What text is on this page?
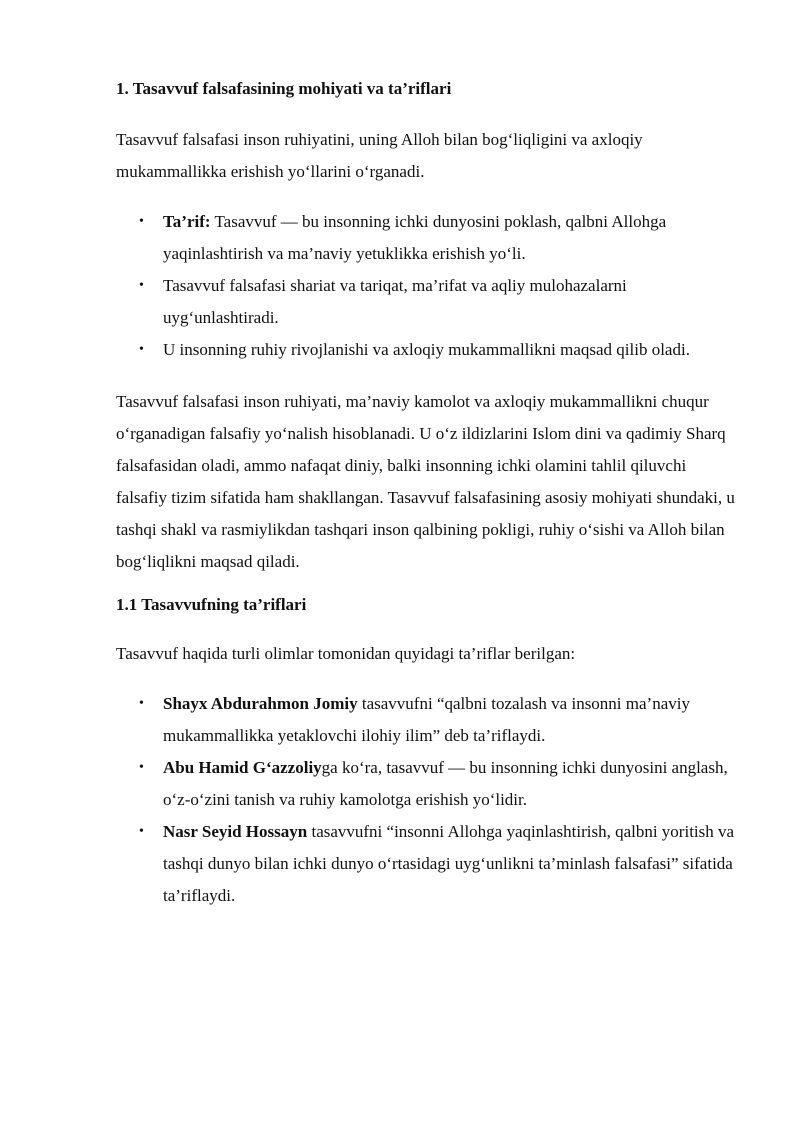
1. Tasavvuf falsafasining mohiyati va ta’riflari

Tasavvuf falsafasi inson ruhiyatini, uning Alloh bilan bog‘liqligini va axloqiy mukammallikka erishish yo‘llarini o‘rganadi.

• Ta’rif: Tasavvuf — bu insonning ichki dunyosini poklash, qalbni Allohga yaqinlashtirish va ma’naviy yetuklikka erishish yo‘li.
• Tasavvuf falsafasi shariat va tariqat, ma’rifat va aqliy mulohazalarni uyg‘unlashtiradi.
• U insonning ruhiy rivojlanishi va axloqiy mukammallikni maqsad qilib oladi.

Tasavvuf falsafasi inson ruhiyati, ma’naviy kamolot va axloqiy mukammallikni chuqur o‘rganadigan falsafiy yo‘nalish hisoblanadi. U o‘z ildizlarini Islom dini va qadimiy Sharq falsafasidan oladi, ammo nafaqat diniy, balki insonning ichki olamini tahlil qiluvchi falsafiy tizim sifatida ham shakllangan. Tasavvuf falsafasining asosiy mohiyati shundaki, u tashqi shakl va rasmiylikdan tashqari inson qalbining pokligi, ruhiy o‘sishi va Alloh bilan bog‘liqlikni maqsad qiladi.

1.1 Tasavvufning ta’riflari

Tasavvuf haqida turli olimlar tomonidan quyidagi ta’riflar berilgan:

• Shayx Abdurahmon Jomiy tasavvufni “qalbni tozalash va insonni ma’naviy mukammallikka yetaklovchi ilohiy ilim” deb ta’riflaydi.
• Abu Hamid G‘azzoliyga ko‘ra, tasavvuf — bu insonning ichki dunyosini anglash, o‘z-o‘zini tanish va ruhiy kamolotga erishish yo‘lidir.
• Nasr Seyid Hossayn tasavvufni “insonni Allohga yaqinlashtirish, qalbni yoritish va tashqi dunyo bilan ichki dunyo o‘rtasidagi uyg‘unlikni ta’minlash falsafasi” sifatida ta’riflaydi.
